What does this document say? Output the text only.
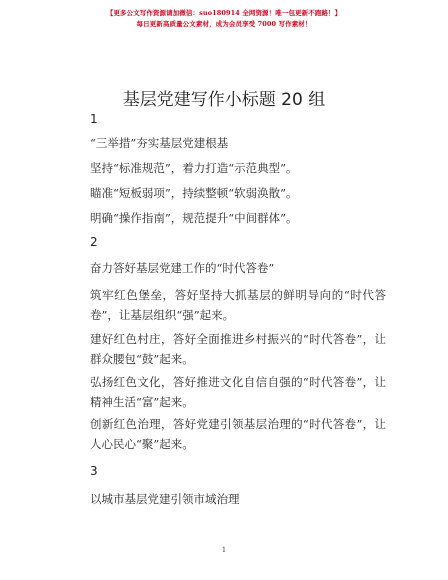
【更多公文写作资源请加微信：suo180914 全网资源！唯一包更新不跑路！】
每日更新高质量公文素材，成为会员享受 7000 写作素材！
基层党建写作小标题 20 组
1
“三举措”夯实基层党建根基
坚持“标准规范”，着力打造“示范典型”。
瞄准“短板弱项”，持续整顿“软弱涣散”。
明确“操作指南”，规范提升“中间群体”。
2
奋力答好基层党建工作的“时代答卷”
筑牢红色堡垒，答好坚持大抓基层的鲜明导向的“时代答卷”，让基层组织“强”起来。
建好红色村庄，答好全面推进乡村振兴的“时代答卷”，让群众腰包“鼓”起来。
弘扬红色文化，答好推进文化自信自强的“时代答卷”，让精神生活“富”起来。
创新红色治理，答好党建引领基层治理的“时代答卷”，让人心民心“聚”起来。
3
以城市基层党建引领市域治理
1
